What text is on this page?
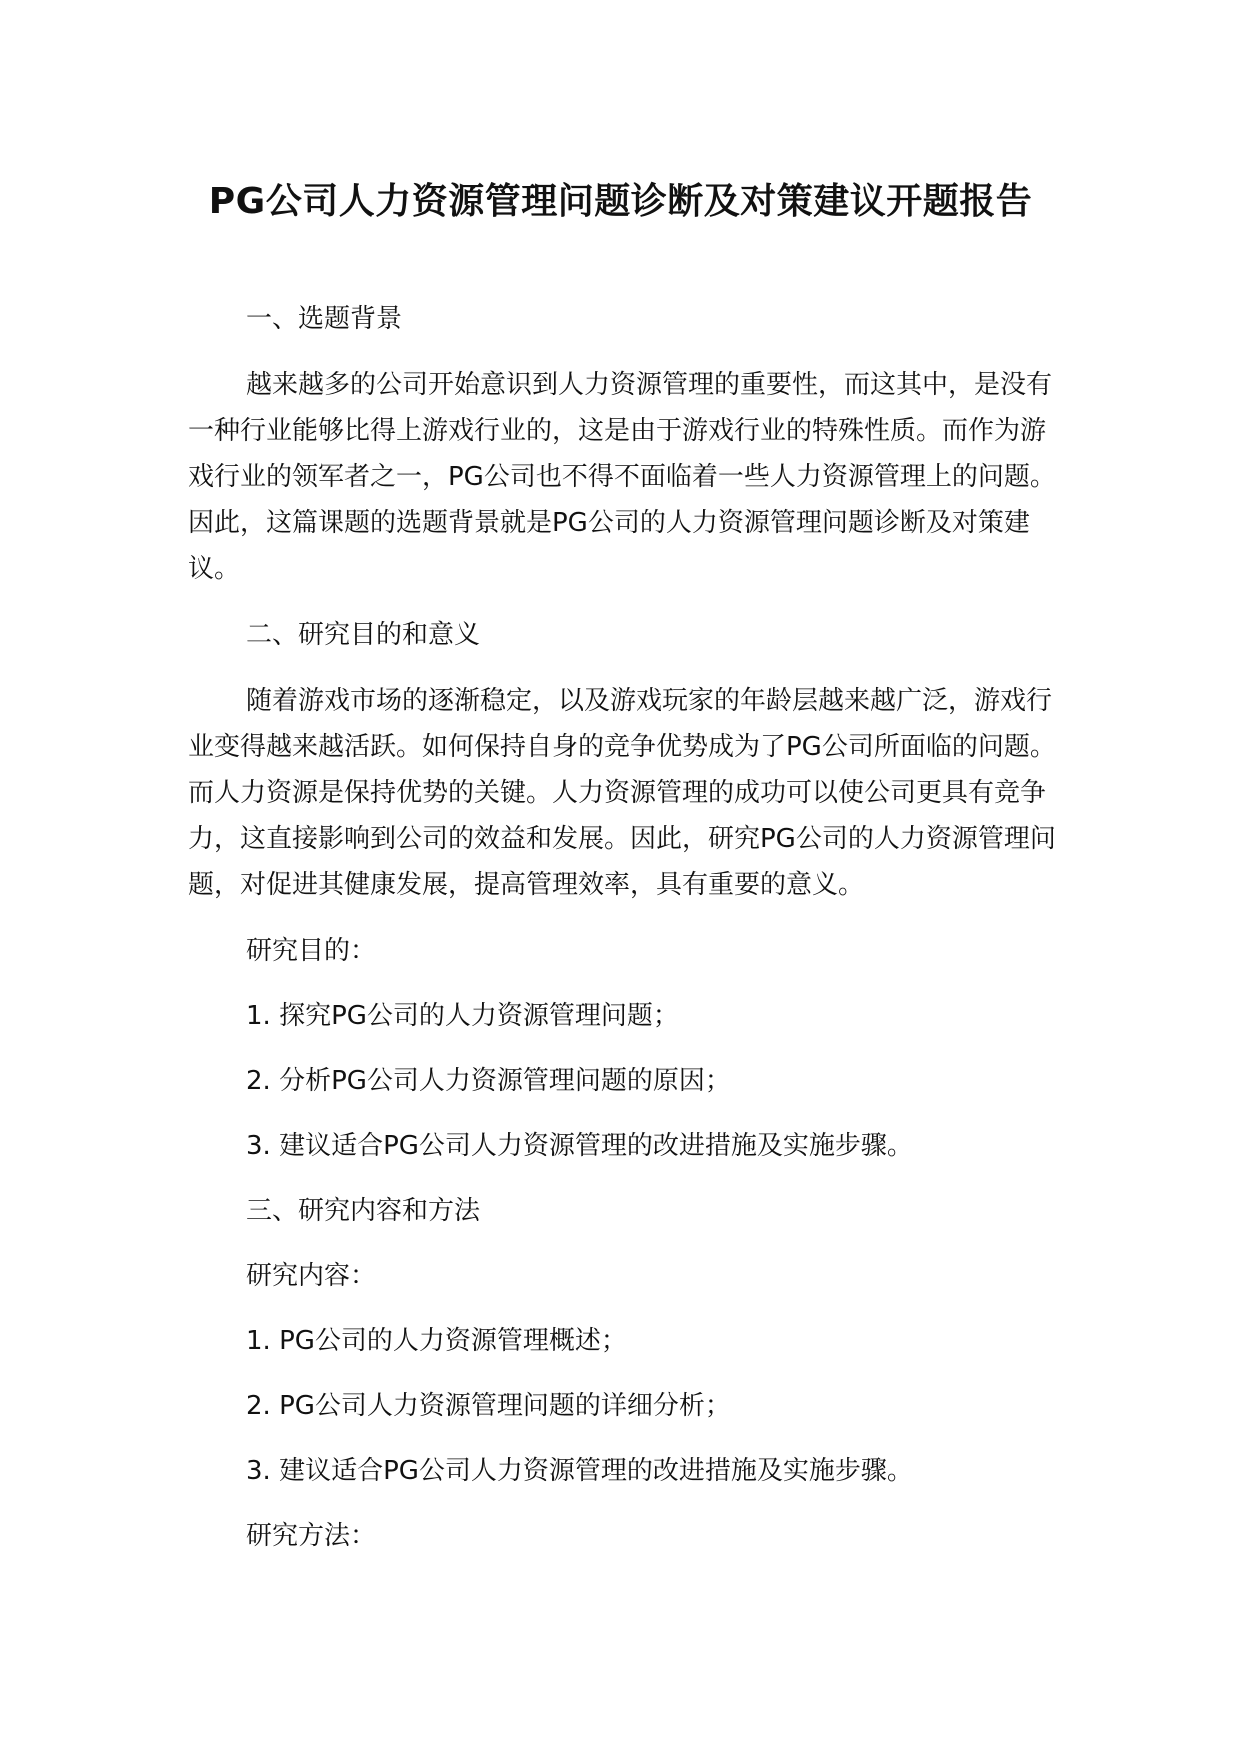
PG公司人力资源管理问题诊断及对策建议开题报告

一、选题背景

越来越多的公司开始意识到人力资源管理的重要性，而这其中，是没有一种行业能够比得上游戏行业的，这是由于游戏行业的特殊性质。而作为游戏行业的领军者之一，PG公司也不得不面临着一些人力资源管理上的问题。因此，这篇课题的选题背景就是PG公司的人力资源管理问题诊断及对策建议。

二、研究目的和意义

随着游戏市场的逐渐稳定，以及游戏玩家的年龄层越来越广泛，游戏行业变得越来越活跃。如何保持自身的竞争优势成为了PG公司所面临的问题。而人力资源是保持优势的关键。人力资源管理的成功可以使公司更具有竞争力，这直接影响到公司的效益和发展。因此，研究PG公司的人力资源管理问题，对促进其健康发展，提高管理效率，具有重要的意义。

研究目的：

1. 探究PG公司的人力资源管理问题；

2. 分析PG公司人力资源管理问题的原因；

3. 建议适合PG公司人力资源管理的改进措施及实施步骤。

三、研究内容和方法

研究内容：

1. PG公司的人力资源管理概述；

2. PG公司人力资源管理问题的详细分析；

3. 建议适合PG公司人力资源管理的改进措施及实施步骤。

研究方法：
